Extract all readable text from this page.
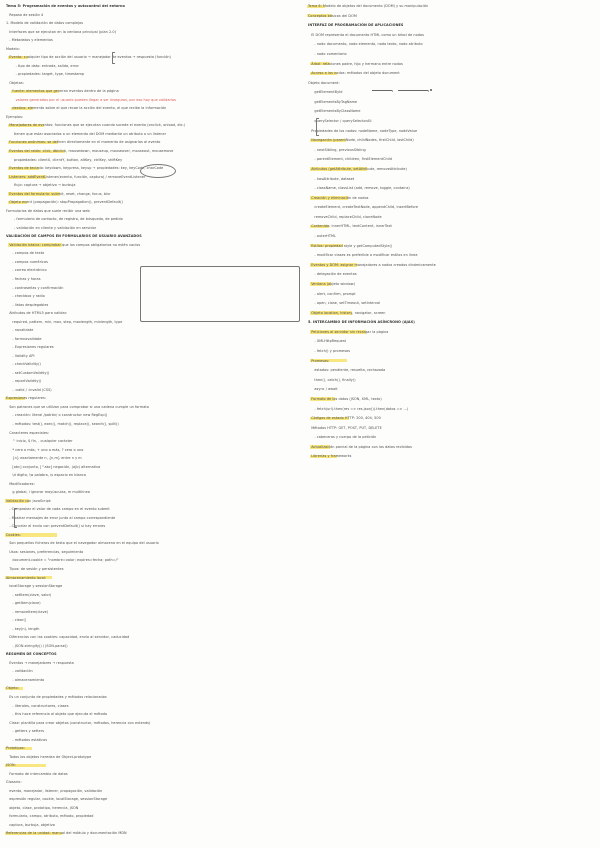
Tema 5: Programación de eventos y autocontrol del entorno
Repaso de sesión 4
1. Modelo de validación de datos complejos
Interfaces que se ejecutan en la ventana principal (plan 2.0)
- Metadatos y elementos
Modelo:
Evento: cualquier tipo de acción del usuario → manejador de eventos → respuesta (función)
- tipo de dato: entrada, salida, error
- propiedades: target, type, timestamp
Objetos:
fuente: elementos que generan eventos dentro de la página
valores generados por el usuario pueden llegar a ser inseguros, por eso hay que validarlos
destino: elemento sobre el que recae la acción del evento, el que recibe la información
Ejemplos:
Manejadores de eventos: funciones que se ejecutan cuando sucede el evento (onclick, onload, etc.)
tienen que estar asociados a un elemento del DOM mediante un atributo o un listener
Funciones anónimas: se definen directamente en el momento de asignarlas al evento
Eventos del ratón: click, dblclick, mousedown, mouseup, mouseover, mouseout, mousemove
propiedades: clientX, clientY, button, altKey, ctrlKey, shiftKey
Eventos de teclado: keydown, keypress, keyup → propiedades: key, keyCode, charCode
Listeners: addEventListener(evento, función, captura) / removeEventListener
flujo: captura → objetivo → burbuja
Eventos del formulario: submit, reset, change, focus, blur
Objeto event (propagación): stopPropagation(), preventDefault()
Formularios de datos que suele recibir una web
- formulario de contacto, de registro, de búsqueda, de pedido
- validación en cliente y validación en servidor
VALIDACIÓN DE CAMPOS EN FORMULARIOS DE USUARIO AVANZADOS
Validación básica: comprobar que los campos obligatorios no estén vacíos
- campos de texto
- campos numéricos
- correo electrónico
- fechas y horas
- contraseñas y confirmación
- checkbox y radio
- listas desplegables
Atributos de HTML5 para validar:
required, pattern, min, max, step, maxlength, minlength, type
- novalidate
- formnovalidate
- Expresiones regulares
- Validity API
- checkValidity()
- setCustomValidity()
- reportValidity()
- :valid / :invalid (CSS)
Expresiones regulares:
Son patrones que se utilizan para comprobar si una cadena cumple un formato
- creación: literal /patrón/ o constructor new RegExp()
- métodos: test(), exec(), match(), replace(), search(), split()
Caracteres especiales:
^ inicio, $ fin, . cualquier carácter
* cero o más, + uno o más, ? cero o uno
{n} exactamente n, {n,m} entre n y m
[abc] conjunto, [^abc] negación, (a|b) alternativa
\d dígito, \w palabra, \s espacio en blanco
Modificadores:
g global, i ignorar mayúsculas, m multilínea
Validación con JavaScript:
- Comprobar el valor de cada campo en el evento submit
- Mostrar mensajes de error junto al campo correspondiente
- Cancelar el envío con preventDefault() si hay errores
Cookies:
Son pequeños ficheros de texto que el navegador almacena en el equipo del usuario
Usos: sesiones, preferencias, seguimiento
document.cookie = "nombre=valor; expires=fecha; path=/"
Tipos: de sesión y persistentes
Almacenamiento local:
localStorage y sessionStorage
- setItem(clave, valor)
- getItem(clave)
- removeItem(clave)
- clear()
- key(n), length
Diferencias con las cookies: capacidad, envío al servidor, caducidad
- JSON.stringify() / JSON.parse()
RESUMEN DE CONCEPTOS
Eventos → manejadores → respuesta
- validación
- almacenamiento
Objeto:
Es un conjunto de propiedades y métodos relacionados
- literales, constructores, clases
- this hace referencia al objeto que ejecuta el método
Clase: plantilla para crear objetos (constructor, métodos, herencia con extends)
- getters y setters
- métodos estáticos
Prototipos:
Todos los objetos heredan de Object.prototype
JSON:
Formato de intercambio de datos
Glosario:
evento, manejador, listener, propagación, validación
expresión regular, cookie, localStorage, sessionStorage
objeto, clase, prototipo, herencia, JSON
formulario, campo, atributo, método, propiedad
captura, burbuja, objetivo
Referencias de la unidad: manual del módulo y documentación MDN
Tema 6: Modelo de objetos del documento (DOM) y su manipulación
Conceptos básicos del DOM
INTERFAZ DE PROGRAMACIÓN DE APLICACIONES
El DOM representa el documento HTML como un árbol de nodos
- nodo documento, nodo elemento, nodo texto, nodo atributo
- nodo comentario
Árbol: relaciones padre, hijo y hermano entre nodos
Acceso a los nodos: métodos del objeto document
Objeto document:
getElementById
getElementsByTagName
getElementsByClassName
querySelector / querySelectorAll
Propiedades de los nodos: nodeName, nodeType, nodeValue
Navegación (parentNode, childNodes, firstChild, lastChild)
- nextSibling, previousSibling
- parentElement, children, firstElementChild
Atributos (getAttribute, setAttribute, removeAttribute)
- hasAttribute, dataset
- className, classList (add, remove, toggle, contains)
Creación y eliminación de nodos
createElement, createTextNode, appendChild, insertBefore
removeChild, replaceChild, cloneNode
Contenido: innerHTML, textContent, innerText
- outerHTML
Estilos: propiedad style y getComputedStyle()
- modificar clases es preferible a modificar estilos en línea
Eventos y DOM: asignar manejadores a nodos creados dinámicamente
- delegación de eventos
Ventana (objeto window)
- alert, confirm, prompt
- open, close, setTimeout, setInterval
Objeto location, history, navigator, screen
5. INTERCAMBIO DE INFORMACIÓN ASÍNCRONO (AJAX)
Peticiones al servidor sin recargar la página
- XMLHttpRequest
- fetch() y promesas
Promesas:
estados: pendiente, resuelta, rechazada
then(), catch(), finally()
async / await
Formato de los datos (JSON, XML, texto)
- fetch(url).then(res => res.json()).then(datos => ...)
Códigos de estado HTTP: 200, 404, 500
Métodos HTTP: GET, POST, PUT, DELETE
- cabeceras y cuerpo de la petición
Actualización parcial de la página con los datos recibidos
Librerías y frameworks
